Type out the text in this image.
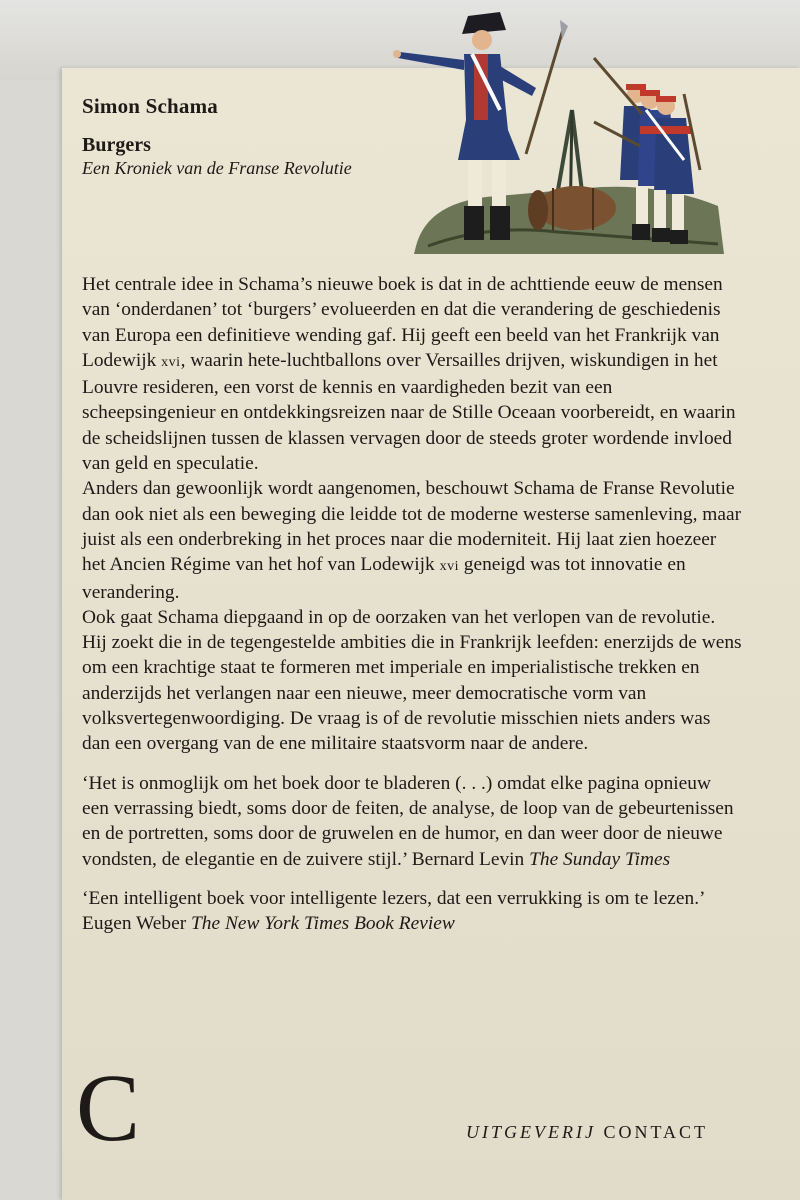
Simon Schama
Burgers
Een Kroniek van de Franse Revolutie

Het centrale idee in Schama’s nieuwe boek is dat in de achttiende eeuw de mensen van ‘onderdanen’ tot ‘burgers’ evolueerden en dat die verandering de geschiedenis van Europa een definitieve wending gaf. Hij geeft een beeld van het Frankrijk van Lodewijk xvi, waarin hete-luchtballons over Versailles drijven, wiskundigen in het Louvre resideren, een vorst de kennis en vaardigheden bezit van een scheepsingenieur en ontdekkingsreizen naar de Stille Oceaan voorbereidt, en waarin de scheidslijnen tussen de klassen vervagen door de steeds groter wordende invloed van geld en speculatie.

Anders dan gewoonlijk wordt aangenomen, beschouwt Schama de Franse Revolutie dan ook niet als een beweging die leidde tot de moderne westerse samenleving, maar juist als een onderbreking in het proces naar die moderniteit. Hij laat zien hoezeer het Ancien Régime van het hof van Lodewijk xvi geneigd was tot innovatie en verandering.

Ook gaat Schama diepgaand in op de oorzaken van het verlopen van de revolutie. Hij zoekt die in de tegengestelde ambities die in Frankrijk leefden: enerzijds de wens om een krachtige staat te formeren met imperiale en imperialistische trekken en anderzijds het verlangen naar een nieuwe, meer democratische vorm van volksvertegenwoordiging. De vraag is of de revolutie misschien niets anders was dan een overgang van de ene militaire staatsvorm naar de andere.

‘Het is onmoglijk om het boek door te bladeren (. . .) omdat elke pagina opnieuw een verrassing biedt, soms door de feiten, de analyse, de loop van de gebeurtenissen en de portretten, soms door de gruwelen en de humor, en dan weer door de nieuwe vondsten, de elegantie en de zuivere stijl.’ Bernard Levin The Sunday Times

‘Een intelligent boek voor intelligente lezers, dat een verrukking is om te lezen.’ Eugen Weber The New York Times Book Review

C	UITGEVERIJ CONTACT
